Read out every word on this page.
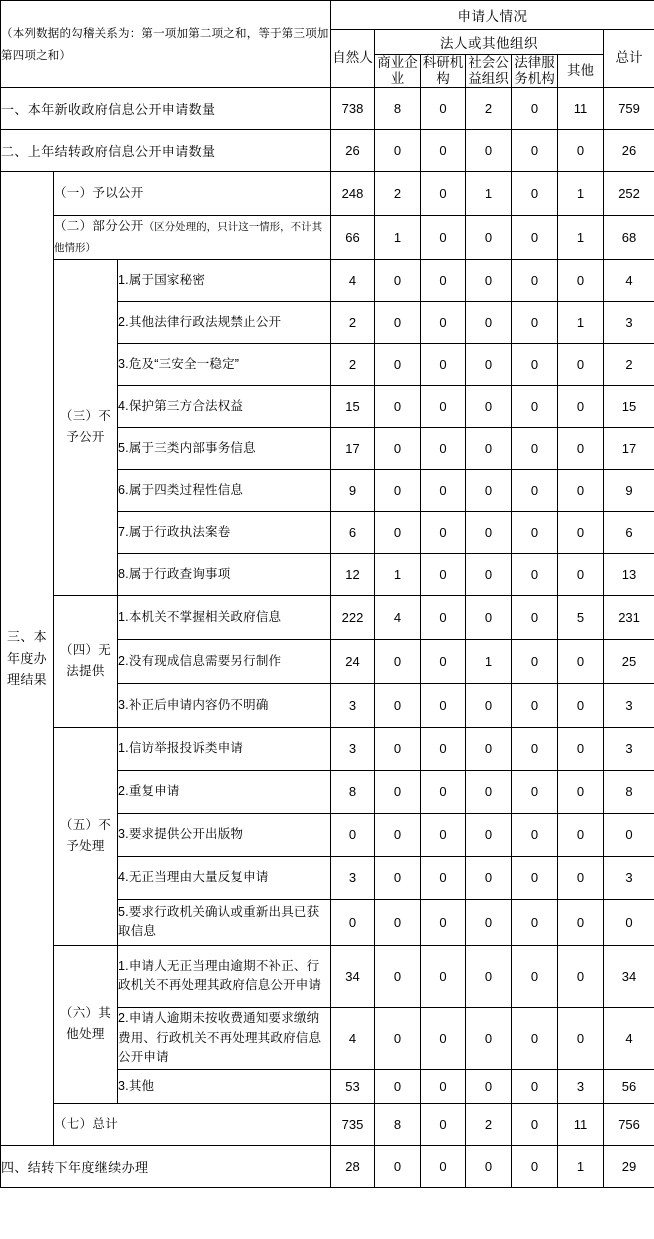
（本列数据的勾稽关系为：第一项加第二项之和，等于第三项加第四项之和）			申请人情况						
			自然人	法人或其他组织					总计
				商业企业	科研机构	社会公益组织	法律服务机构	其他	
一、本年新收政府信息公开申请数量			738	8	0	2	0	11	759
二、上年结转政府信息公开申请数量			26	0	0	0	0	0	26
三、本年度办理结果	（一）予以公开		248	2	0	1	0	1	252
	（二）部分公开（区分处理的，只计这一情形，不计其他情形）		66	1	0	0	0	1	68
	（三）不予公开	1.属于国家秘密	4	0	0	0	0	0	4
		2.其他法律行政法规禁止公开	2	0	0	0	0	1	3
		3.危及“三安全一稳定”	2	0	0	0	0	0	2
		4.保护第三方合法权益	15	0	0	0	0	0	15
		5.属于三类内部事务信息	17	0	0	0	0	0	17
		6.属于四类过程性信息	9	0	0	0	0	0	9
		7.属于行政执法案卷	6	0	0	0	0	0	6
		8.属于行政查询事项	12	1	0	0	0	0	13
	（四）无法提供	1.本机关不掌握相关政府信息	222	4	0	0	0	5	231
		2.没有现成信息需要另行制作	24	0	0	1	0	0	25
		3.补正后申请内容仍不明确	3	0	0	0	0	0	3
	（五）不予处理	1.信访举报投诉类申请	3	0	0	0	0	0	3
		2.重复申请	8	0	0	0	0	0	8
		3.要求提供公开出版物	0	0	0	0	0	0	0
		4.无正当理由大量反复申请	3	0	0	0	0	0	3
		5.要求行政机关确认或重新出具已获取信息	0	0	0	0	0	0	0
	（六）其他处理	1.申请人无正当理由逾期不补正、行政机关不再处理其政府信息公开申请	34	0	0	0	0	0	34
		2.申请人逾期未按收费通知要求缴纳费用、行政机关不再处理其政府信息公开申请	4	0	0	0	0	0	4
		3.其他	53	0	0	0	0	3	56
	（七）总计		735	8	0	2	0	11	756
四、结转下年度继续办理			28	0	0	0	0	1	29
